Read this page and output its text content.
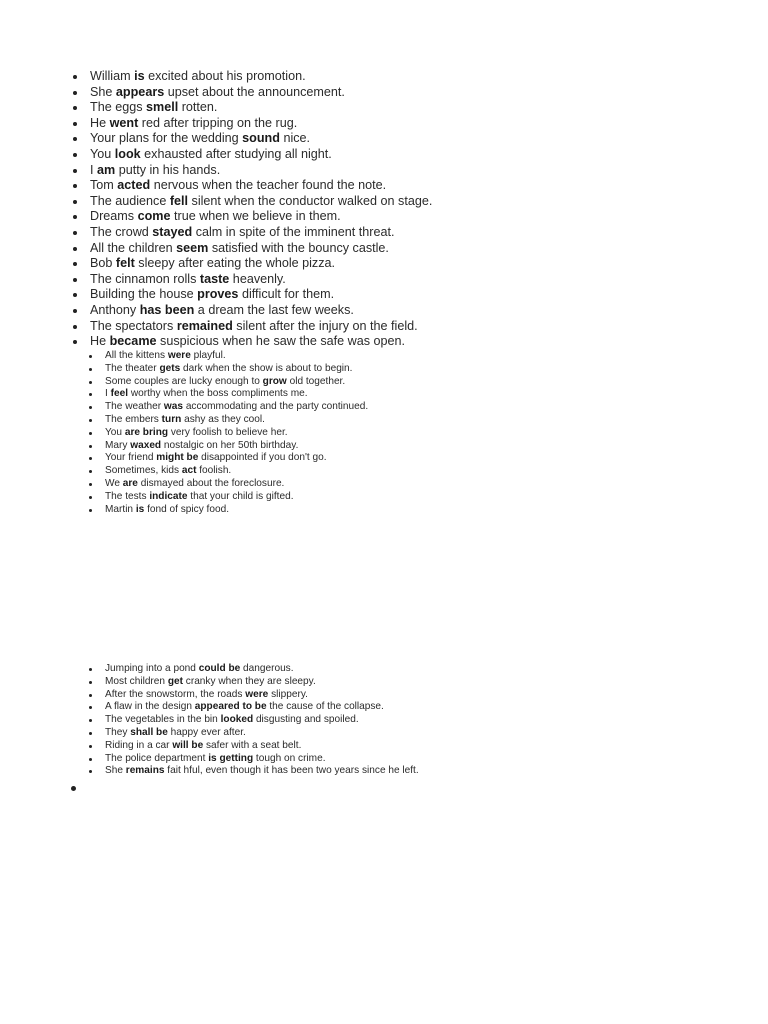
William is excited about his promotion.
She appears upset about the announcement.
The eggs smell rotten.
He went red after tripping on the rug.
Your plans for the wedding sound nice.
You look exhausted after studying all night.
I am putty in his hands.
Tom acted nervous when the teacher found the note.
The audience fell silent when the conductor walked on stage.
Dreams come true when we believe in them.
The crowd stayed calm in spite of the imminent threat.
All the children seem satisfied with the bouncy castle.
Bob felt sleepy after eating the whole pizza.
The cinnamon rolls taste heavenly.
Building the house proves difficult for them.
Anthony has been a dream the last few weeks.
The spectators remained silent after the injury on the field.
He became suspicious when he saw the safe was open.
All the kittens were playful.
The theater gets dark when the show is about to begin.
Some couples are lucky enough to grow old together.
I feel worthy when the boss compliments me.
The weather was accommodating and the party continued.
The embers turn ashy as they cool.
You are bring very foolish to believe her.
Mary waxed nostalgic on her 50th birthday.
Your friend might be disappointed if you don't go.
Sometimes, kids act foolish.
We are dismayed about the foreclosure.
The tests indicate that your child is gifted.
Martin is fond of spicy food.
Jumping into a pond could be dangerous.
Most children get cranky when they are sleepy.
After the snowstorm, the roads were slippery.
A flaw in the design appeared to be the cause of the collapse.
The vegetables in the bin looked disgusting and spoiled.
They shall be happy ever after.
Riding in a car will be safer with a seat belt.
The police department is getting tough on crime.
She remains fait hful, even though it has been two years since he left.
